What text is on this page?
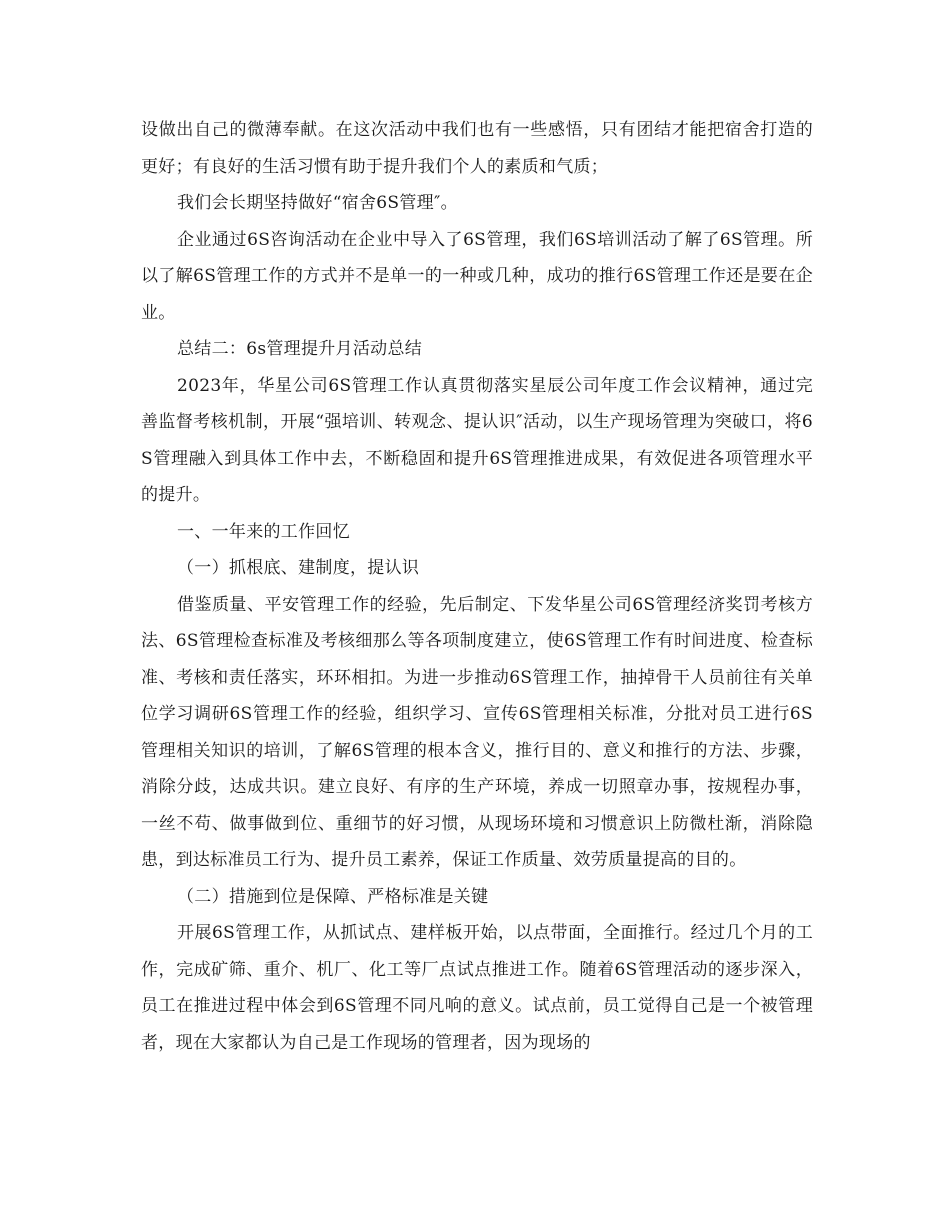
设做出自己的微薄奉献。在这次活动中我们也有一些感悟，只有团结才能把宿舍打造的更好；有良好的生活习惯有助于提升我们个人的素质和气质；

我们会长期坚持做好“宿舍6S管理″。

企业通过6S咨询活动在企业中导入了6S管理，我们6S培训活动了解了6S管理。所以了解6S管理工作的方式并不是单一的一种或几种，成功的推行6S管理工作还是要在企业。

总结二：6s管理提升月活动总结

2023年，华星公司6S管理工作认真贯彻落实星辰公司年度工作会议精神，通过完善监督考核机制，开展“强培训、转观念、提认识″活动，以生产现场管理为突破口，将6S管理融入到具体工作中去，不断稳固和提升6S管理推进成果，有效促进各项管理水平的提升。

一、一年来的工作回忆

（一）抓根底、建制度，提认识

借鉴质量、平安管理工作的经验，先后制定、下发华星公司6S管理经济奖罚考核方法、6S管理检查标准及考核细那么等各项制度建立，使6S管理工作有时间进度、检查标准、考核和责任落实，环环相扣。为进一步推动6S管理工作，抽掉骨干人员前往有关单位学习调研6S管理工作的经验，组织学习、宣传6S管理相关标准，分批对员工进行6S管理相关知识的培训，了解6S管理的根本含义，推行目的、意义和推行的方法、步骤，消除分歧，达成共识。建立良好、有序的生产环境，养成一切照章办事，按规程办事，一丝不苟、做事做到位、重细节的好习惯，从现场环境和习惯意识上防微杜渐，消除隐患，到达标准员工行为、提升员工素养，保证工作质量、效劳质量提高的目的。

（二）措施到位是保障、严格标准是关键

开展6S管理工作，从抓试点、建样板开始，以点带面，全面推行。经过几个月的工作，完成矿筛、重介、机厂、化工等厂点试点推进工作。随着6S管理活动的逐步深入，员工在推进过程中体会到6S管理不同凡响的意义。试点前，员工觉得自己是一个被管理者，现在大家都认为自己是工作现场的管理者，因为现场的
